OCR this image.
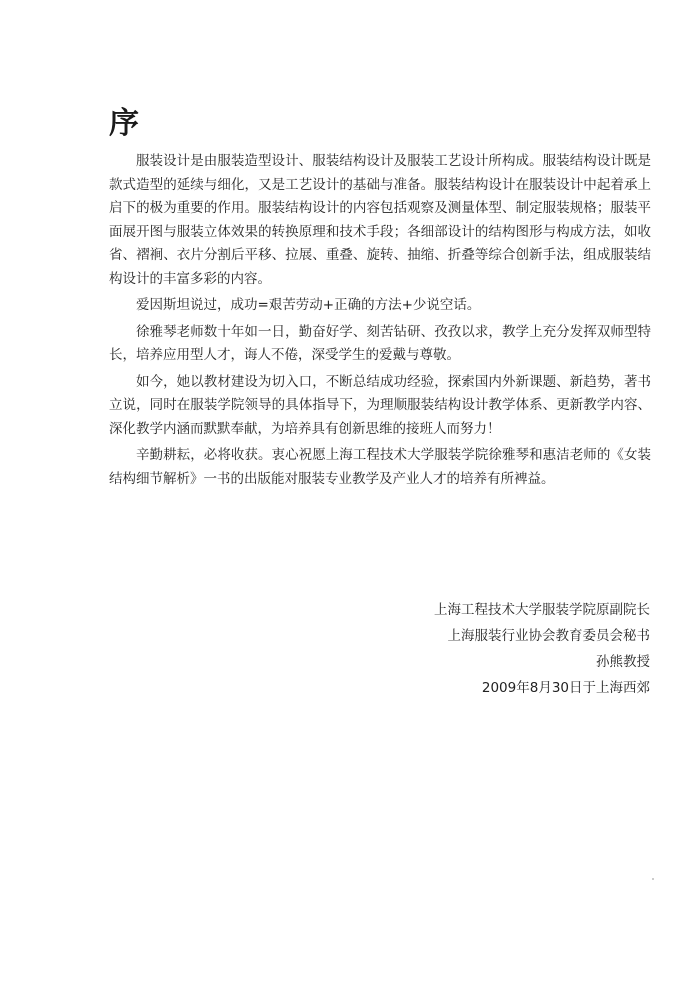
序

服装设计是由服装造型设计、服装结构设计及服装工艺设计所构成。服装结构设计既是款式造型的延续与细化，又是工艺设计的基础与准备。服装结构设计在服装设计中起着承上启下的极为重要的作用。服装结构设计的内容包括观察及测量体型、制定服装规格；服装平面展开图与服装立体效果的转换原理和技术手段；各细部设计的结构图形与构成方法，如收省、褶裥、衣片分割后平移、拉展、重叠、旋转、抽缩、折叠等综合创新手法，组成服装结构设计的丰富多彩的内容。

爱因斯坦说过，成功=艰苦劳动+正确的方法+少说空话。

徐雅琴老师数十年如一日，勤奋好学、刻苦钻研、孜孜以求，教学上充分发挥双师型特长，培养应用型人才，诲人不倦，深受学生的爱戴与尊敬。

如今，她以教材建设为切入口，不断总结成功经验，探索国内外新课题、新趋势，著书立说，同时在服装学院领导的具体指导下，为理顺服装结构设计教学体系、更新教学内容、深化教学内涵而默默奉献，为培养具有创新思维的接班人而努力！

辛勤耕耘，必将收获。衷心祝愿上海工程技术大学服装学院徐雅琴和惠洁老师的《女装结构细节解析》一书的出版能对服装专业教学及产业人才的培养有所裨益。

上海工程技术大学服装学院原副院长
上海服装行业协会教育委员会秘书
孙熊教授
2009年8月30日于上海西郊
